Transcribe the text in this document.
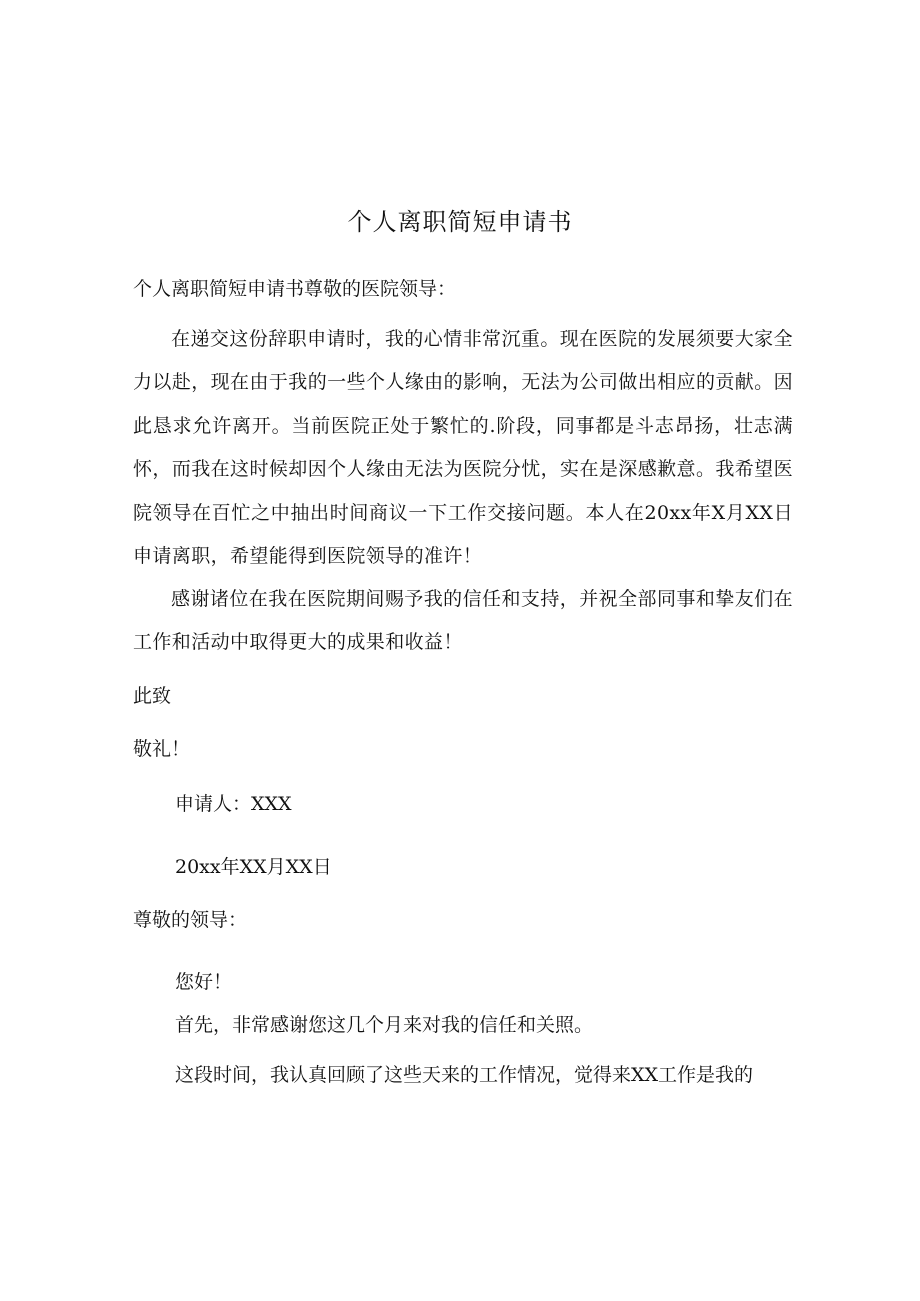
个人离职简短申请书

个人离职简短申请书尊敬的医院领导：

在递交这份辞职申请时，我的心情非常沉重。现在医院的发展须要大家全力以赴，现在由于我的一些个人缘由的影响，无法为公司做出相应的贡献。因此恳求允许离开。当前医院正处于繁忙的.阶段，同事都是斗志昂扬，壮志满怀，而我在这时候却因个人缘由无法为医院分忧，实在是深感歉意。我希望医院领导在百忙之中抽出时间商议一下工作交接问题。本人在20xx年X月XX日申请离职，希望能得到医院领导的准许！

感谢诸位在我在医院期间赐予我的信任和支持，并祝全部同事和挚友们在工作和活动中取得更大的成果和收益！

此致

敬礼！

申请人：XXX

20xx年XX月XX日

尊敬的领导：

您好！

首先，非常感谢您这几个月来对我的信任和关照。

这段时间，我认真回顾了这些天来的工作情况，觉得来XX工作是我的
